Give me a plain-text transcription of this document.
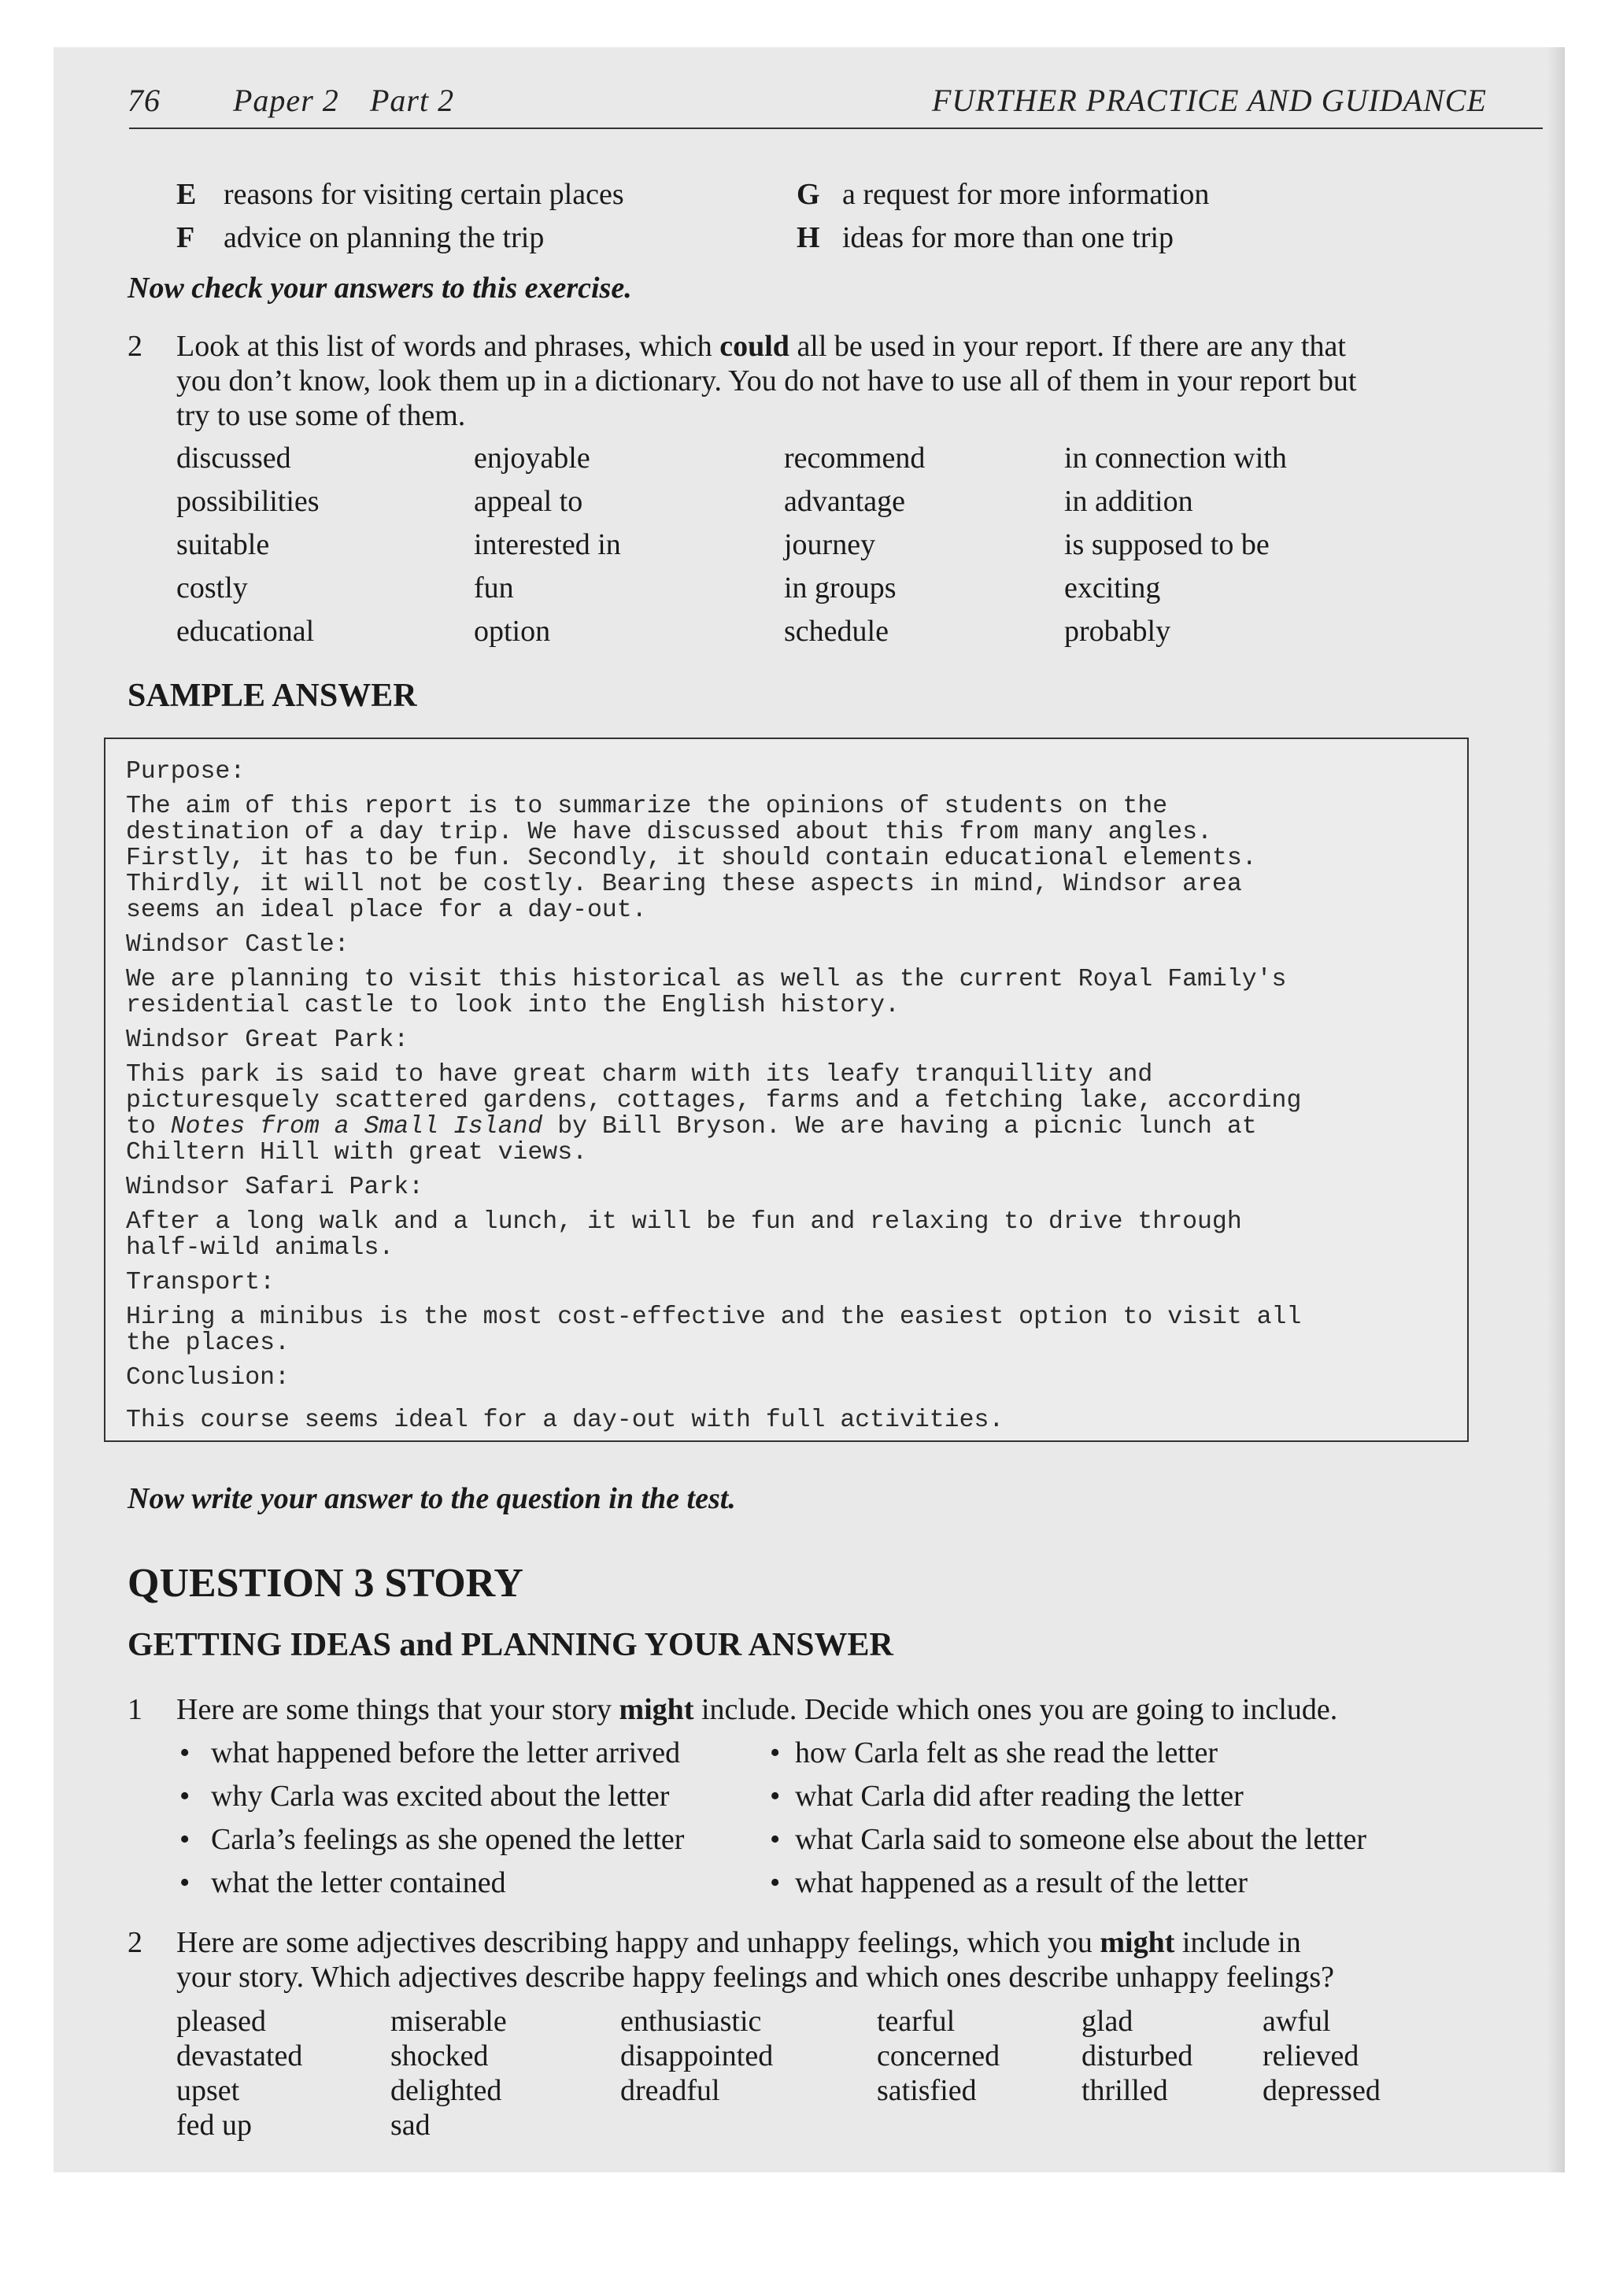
76 Paper 2 Part 2	FURTHER PRACTICE AND GUIDANCE
E reasons for visiting certain places
F advice on planning the trip
G a request for more information
H ideas for more than one trip
Now check your answers to this exercise.
2 Look at this list of words and phrases, which could all be used in your report. If there are any that
you don’t know, look them up in a dictionary. You do not have to use all of them in your report but
try to use some of them.
discussed
possibilities
suitable
costly
educational
enjoyable
appeal to
interested in
fun
option
recommend
advantage
journey
in groups
schedule
in connection with
in addition
is supposed to be
exciting
probably
SAMPLE ANSWER
Purpose:
The aim of this report is to summarize the opinions of students on the
destination of a day trip. We have discussed about this from many angles.
Firstly, it has to be fun. Secondly, it should contain educational elements.
Thirdly, it will not be costly. Bearing these aspects in mind, Windsor area
seems an ideal place for a day-out.
Windsor Castle:
We are planning to visit this historical as well as the current Royal Family's
residential castle to look into the English history.
Windsor Great Park:
This park is said to have great charm with its leafy tranquillity and
picturesquely scattered gardens, cottages, farms and a fetching lake, according
to Notes from a Small Island by Bill Bryson. We are having a picnic lunch at
Chiltern Hill with great views.
Windsor Safari Park:
After a long walk and a lunch, it will be fun and relaxing to drive through
half-wild animals.
Transport:
Hiring a minibus is the most cost-effective and the easiest option to visit all
the places.
Conclusion:
This course seems ideal for a day-out with full activities.
Now write your answer to the question in the test.
QUESTION 3 STORY
GETTING IDEAS and PLANNING YOUR ANSWER
1 Here are some things that your story might include. Decide which ones you are going to include.
• what happened before the letter arrived
• why Carla was excited about the letter
• Carla’s feelings as she opened the letter
• what the letter contained
• how Carla felt as she read the letter
• what Carla did after reading the letter
• what Carla said to someone else about the letter
• what happened as a result of the letter
2 Here are some adjectives describing happy and unhappy feelings, which you might include in
your story. Which adjectives describe happy feelings and which ones describe unhappy feelings?
pleased
devastated
upset
fed up
miserable
shocked
delighted
sad
enthusiastic
disappointed
dreadful
tearful
concerned
satisfied
glad
disturbed
thrilled
awful
relieved
depressed
